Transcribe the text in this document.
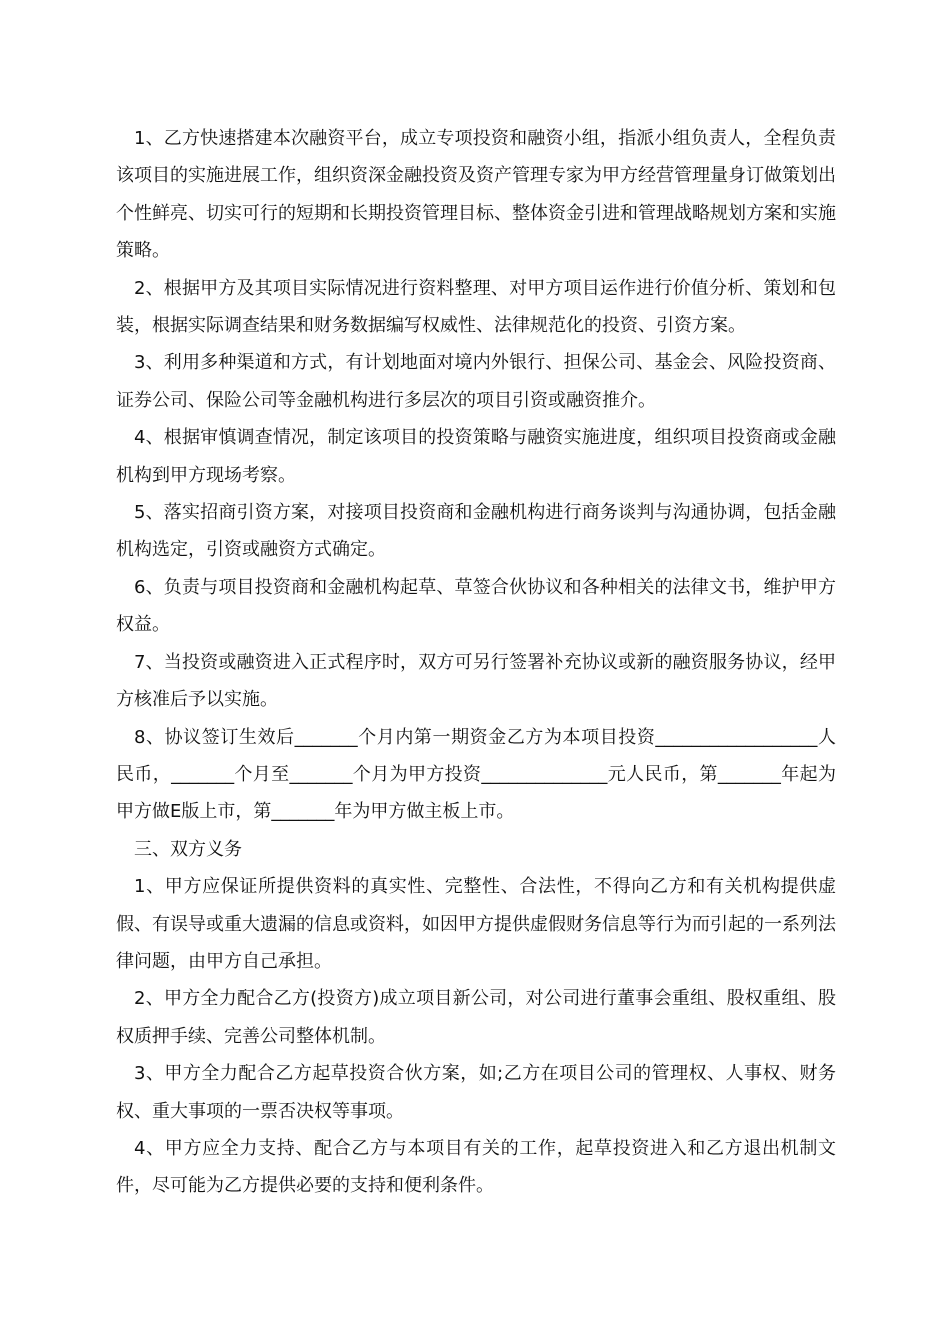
1、乙方快速搭建本次融资平台，成立专项投资和融资小组，指派小组负责人，全程负责该项目的实施进展工作，组织资深金融投资及资产管理专家为甲方经营管理量身订做策划出个性鲜亮、切实可行的短期和长期投资管理目标、整体资金引进和管理战略规划方案和实施策略。

2、根据甲方及其项目实际情况进行资料整理、对甲方项目运作进行价值分析、策划和包装，根据实际调查结果和财务数据编写权威性、法律规范化的投资、引资方案。

3、利用多种渠道和方式，有计划地面对境内外银行、担保公司、基金会、风险投资商、证券公司、保险公司等金融机构进行多层次的项目引资或融资推介。

4、根据审慎调查情况，制定该项目的投资策略与融资实施进度，组织项目投资商或金融机构到甲方现场考察。

5、落实招商引资方案，对接项目投资商和金融机构进行商务谈判与沟通协调，包括金融机构选定，引资或融资方式确定。

6、负责与项目投资商和金融机构起草、草签合伙协议和各种相关的法律文书，维护甲方权益。

7、当投资或融资进入正式程序时，双方可另行签署补充协议或新的融资服务协议，经甲方核准后予以实施。

8、协议签订生效后_______个月内第一期资金乙方为本项目投资__________________人民币，_______个月至_______个月为甲方投资______________元人民币，第_______年起为甲方做E版上市，第_______年为甲方做主板上市。

三、双方义务

1、甲方应保证所提供资料的真实性、完整性、合法性，不得向乙方和有关机构提供虚假、有误导或重大遗漏的信息或资料，如因甲方提供虚假财务信息等行为而引起的一系列法律问题，由甲方自己承担。

2、甲方全力配合乙方(投资方)成立项目新公司，对公司进行董事会重组、股权重组、股权质押手续、完善公司整体机制。

3、甲方全力配合乙方起草投资合伙方案，如;乙方在项目公司的管理权、人事权、财务权、重大事项的一票否决权等事项。

4、甲方应全力支持、配合乙方与本项目有关的工作，起草投资进入和乙方退出机制文件，尽可能为乙方提供必要的支持和便利条件。
